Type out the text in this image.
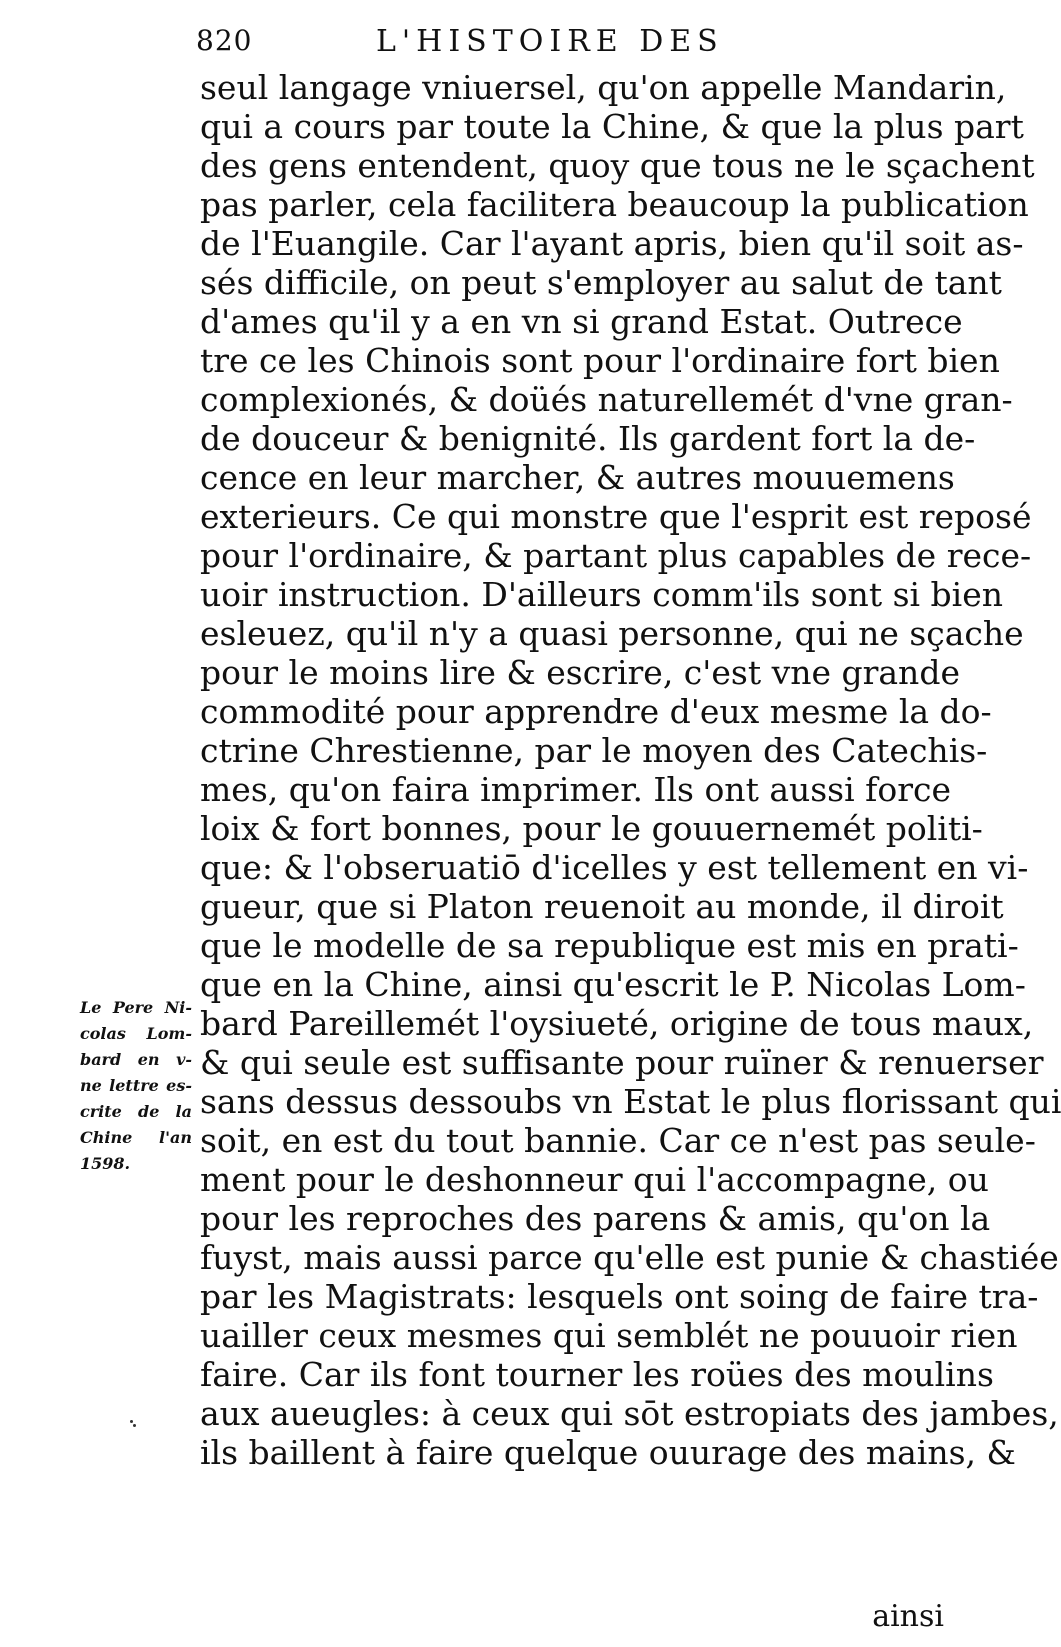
820	L'HISTOIRE DES
seul langage vniuersel, qu'on appelle Mandarin,
qui a cours par toute la Chine, & que la plus part
des gens entendent, quoy que tous ne le sçachent
pas parler, cela facilitera beaucoup la publication
de l'Euangile. Car l'ayant apris, bien qu'il soit as-
sés difficile, on peut s'employer au salut de tant
d'ames qu'il y a en vn si grand Estat. Outrece
tre ce les Chinois sont pour l'ordinaire fort bien
complexionés, & doüés naturellemét d'vne gran-
de douceur & benignité. Ils gardent fort la de-
cence en leur marcher, & autres mouuemens
exterieurs. Ce qui monstre que l'esprit est reposé
pour l'ordinaire, & partant plus capables de rece-
uoir instruction. D'ailleurs comm'ils sont si bien
esleuez, qu'il n'y a quasi personne, qui ne sçache
pour le moins lire & escrire, c'est vne grande
commodité pour apprendre d'eux mesme la do-
ctrine Chrestienne, par le moyen des Catechis-
mes, qu'on faira imprimer. Ils ont aussi force
loix & fort bonnes, pour le gouuernemét politi-
que: & l'obseruatiō d'icelles y est tellement en vi-
gueur, que si Platon reuenoit au monde, il diroit
que le modelle de sa republique est mis en prati-
que en la Chine, ainsi qu'escrit le P. Nicolas Lom-
bard Pareillemét l'oysiueté, origine de tous maux,
& qui seule est suffisante pour ruïner & renuerser
sans dessus dessoubs vn Estat le plus florissant qui
soit, en est du tout bannie. Car ce n'est pas seule-
ment pour le deshonneur qui l'accompagne, ou
pour les reproches des parens & amis, qu'on la
fuyst, mais aussi parce qu'elle est punie & chastiée
par les Magistrats: lesquels ont soing de faire tra-
uailler ceux mesmes qui semblét ne pouuoir rien
faire. Car ils font tourner les roües des moulins
aux aueugles: à ceux qui sōt estropiats des jambes,
ils baillent à faire quelque ouurage des mains, &
Le Pere Ni-
colas Lom-
bard en v-
ne lettre es-
crite de la
Chine l'an
1598.
ainsi
